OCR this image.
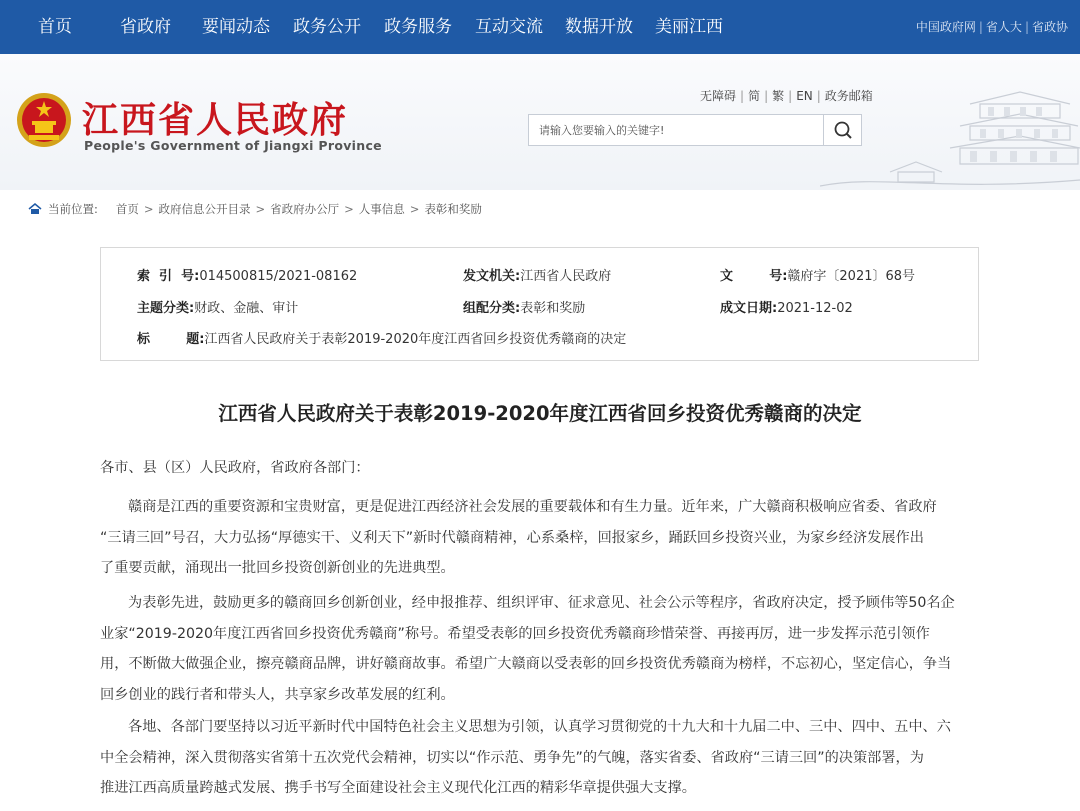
首页	省政府 要闻动态 政务公开 政务服务 互动交流 数据开放 美丽江西	中国政府网 | 省人大 | 省政协
江西省人民政府
People's Government of Jiangxi Province
无障碍 | 简 | 繁 | EN | 政务邮箱
请输入您要输入的关键字!
当前位置: 首页 > 政府信息公开目录 > 省政府办公厅 > 人事信息 > 表彰和奖励
索  引  号:014500815/2021-08162	发文机关:江西省人民政府	文        号:赣府字〔2021〕68号
主题分类:财政、金融、审计	组配分类:表彰和奖励	成文日期:2021-12-02
标        题:江西省人民政府关于表彰2019-2020年度江西省回乡投资优秀赣商的决定
江西省人民政府关于表彰2019-2020年度江西省回乡投资优秀赣商的决定
各市、县（区）人民政府，省政府各部门：
赣商是江西的重要资源和宝贵财富，更是促进江西经济社会发展的重要载体和有生力量。近年来，广大赣商积极响应省委、省政府
“三请三回”号召，大力弘扬“厚德实干、义利天下”新时代赣商精神，心系桑梓，回报家乡，踊跃回乡投资兴业，为家乡经济发展作出
了重要贡献，涌现出一批回乡投资创新创业的先进典型。
为表彰先进，鼓励更多的赣商回乡创新创业，经申报推荐、组织评审、征求意见、社会公示等程序，省政府决定，授予顾伟等50名企
业家“2019-2020年度江西省回乡投资优秀赣商”称号。希望受表彰的回乡投资优秀赣商珍惜荣誉、再接再厉，进一步发挥示范引领作
用，不断做大做强企业，擦亮赣商品牌，讲好赣商故事。希望广大赣商以受表彰的回乡投资优秀赣商为榜样，不忘初心，坚定信心，争当
回乡创业的践行者和带头人，共享家乡改革发展的红利。
各地、各部门要坚持以习近平新时代中国特色社会主义思想为引领，认真学习贯彻党的十九大和十九届二中、三中、四中、五中、六
中全会精神，深入贯彻落实省第十五次党代会精神，切实以“作示范、勇争先”的气魄，落实省委、省政府“三请三回”的决策部署，为
推进江西高质量跨越式发展、携手书写全面建设社会主义现代化江西的精彩华章提供强大支撑。
